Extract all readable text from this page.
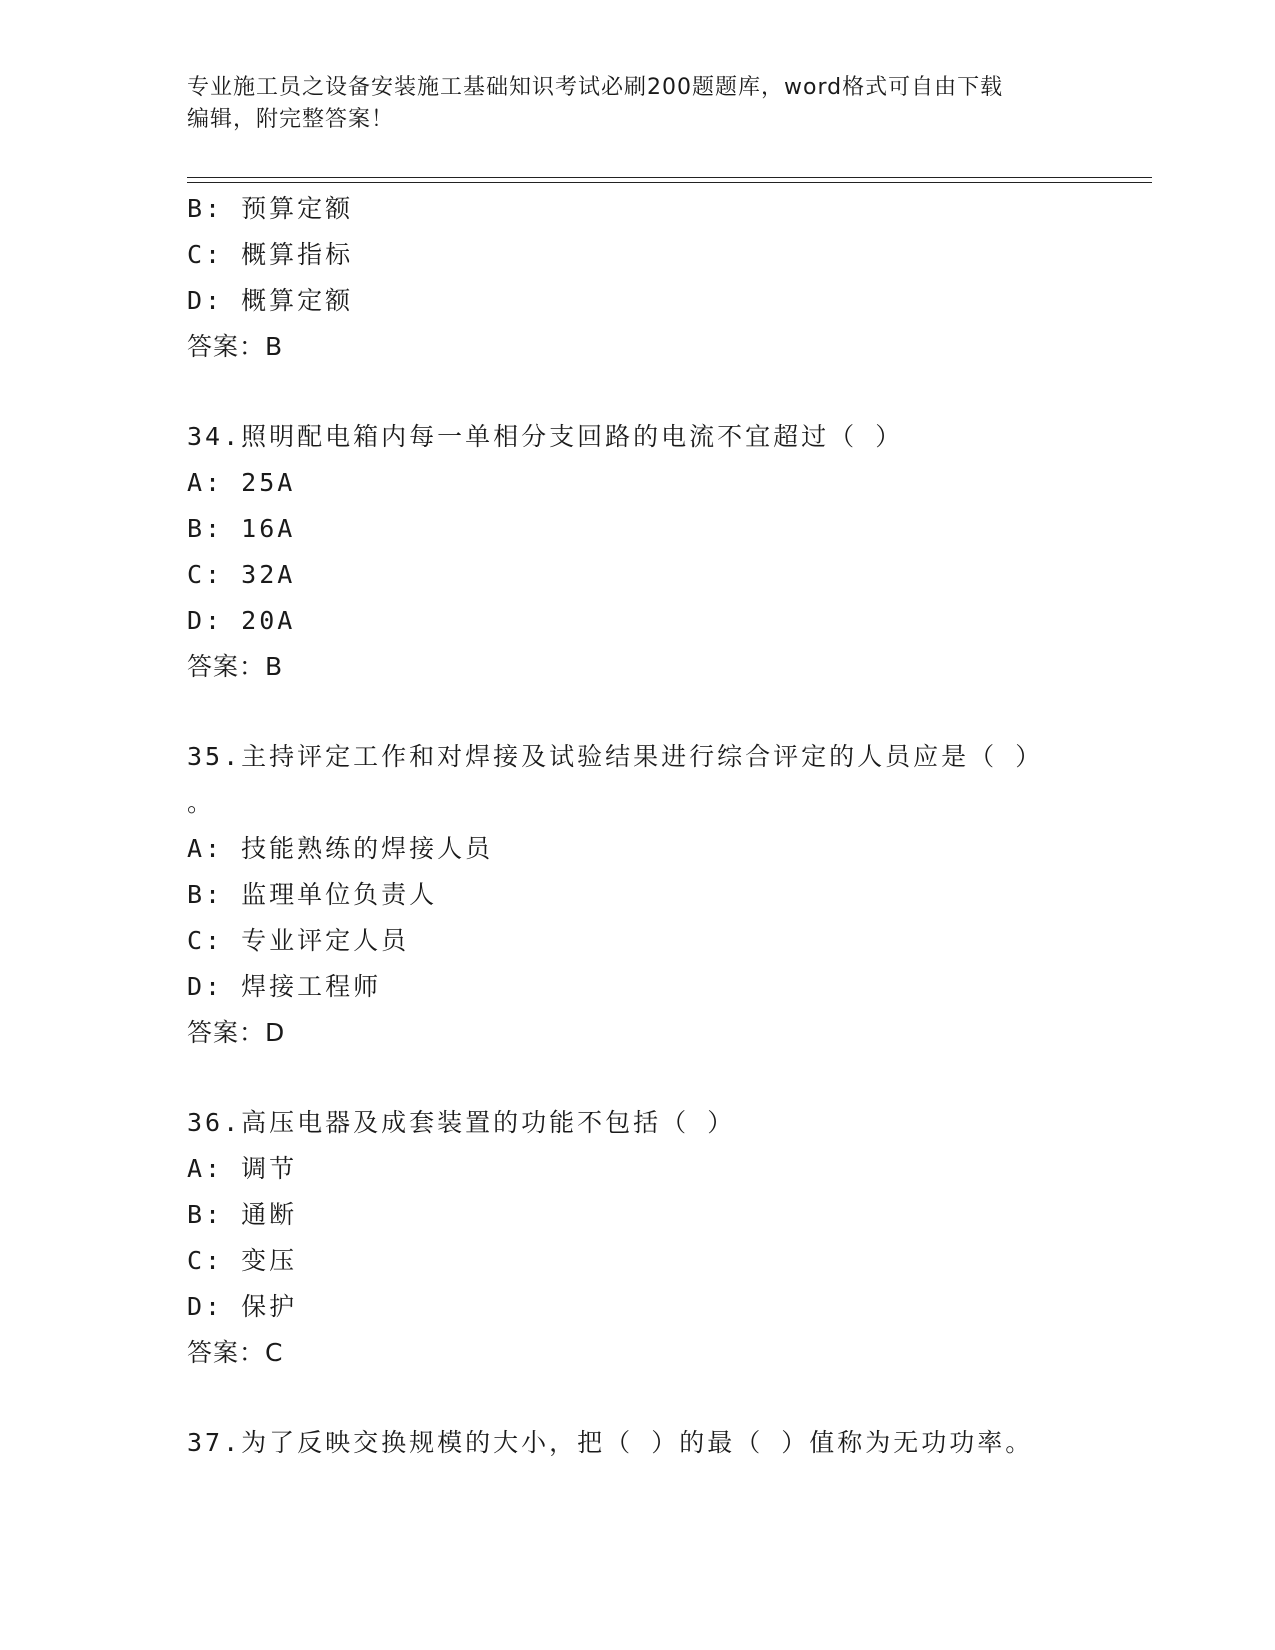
专业施工员之设备安装施工基础知识考试必刷200题题库，word格式可自由下载
编辑，附完整答案！
B: 预算定额
C: 概算指标
D: 概算定额
答案：B
34.照明配电箱内每一单相分支回路的电流不宜超过（ ）
A: 25A
B: 16A
C: 32A
D: 20A
答案：B
35.主持评定工作和对焊接及试验结果进行综合评定的人员应是（ ）
。
A: 技能熟练的焊接人员
B: 监理单位负责人
C: 专业评定人员
D: 焊接工程师
答案：D
36.高压电器及成套装置的功能不包括（ ）
A: 调节
B: 通断
C: 变压
D: 保护
答案：C
37.为了反映交换规模的大小，把（ ）的最（ ）值称为无功功率。
